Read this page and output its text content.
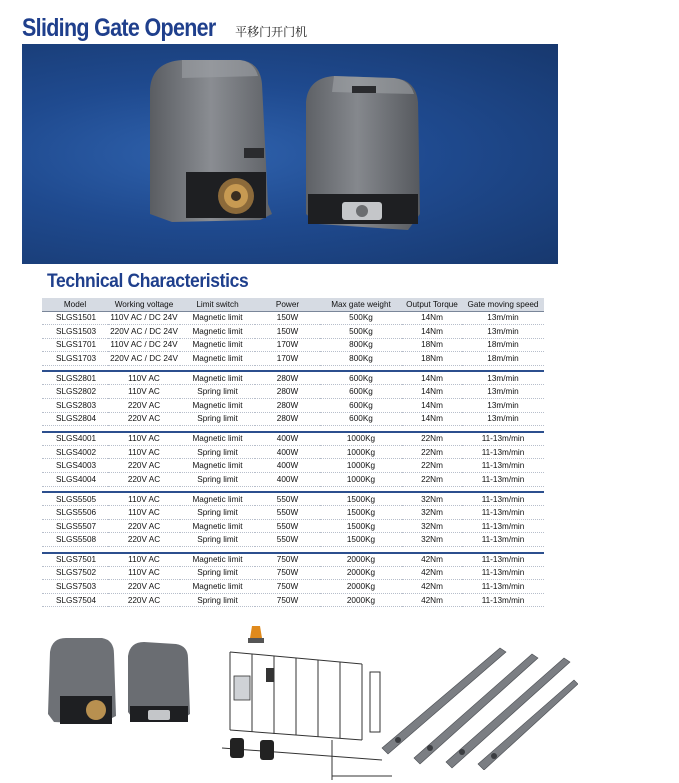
Sliding Gate Opener 平移门开门机
Technical Characteristics
Model	Working voltage	Limit switch	Power	Max gate weight	Output Torque	Gate moving speed
SLGS1501	110V AC / DC 24V	Magnetic limit	150W	500Kg	14Nm	13m/min
SLGS1503	220V AC / DC 24V	Magnetic limit	150W	500Kg	14Nm	13m/min
SLGS1701	110V AC / DC 24V	Magnetic limit	170W	800Kg	18Nm	18m/min
SLGS1703	220V AC / DC 24V	Magnetic limit	170W	800Kg	18Nm	18m/min

SLGS2801	110V AC	Magnetic limit	280W	600Kg	14Nm	13m/min
SLGS2802	110V AC	Spring limit	280W	600Kg	14Nm	13m/min
SLGS2803	220V AC	Magnetic limit	280W	600Kg	14Nm	13m/min
SLGS2804	220V AC	Spring limit	280W	600Kg	14Nm	13m/min

SLGS4001	110V AC	Magnetic limit	400W	1000Kg	22Nm	11-13m/min
SLGS4002	110V AC	Spring limit	400W	1000Kg	22Nm	11-13m/min
SLGS4003	220V AC	Magnetic limit	400W	1000Kg	22Nm	11-13m/min
SLGS4004	220V AC	Spring limit	400W	1000Kg	22Nm	11-13m/min

SLGS5505	110V AC	Magnetic limit	550W	1500Kg	32Nm	11-13m/min
SLGS5506	110V AC	Spring limit	550W	1500Kg	32Nm	11-13m/min
SLGS5507	220V AC	Magnetic limit	550W	1500Kg	32Nm	11-13m/min
SLGS5508	220V AC	Spring limit	550W	1500Kg	32Nm	11-13m/min

SLGS7501	110V AC	Magnetic limit	750W	2000Kg	42Nm	11-13m/min
SLGS7502	110V AC	Spring limit	750W	2000Kg	42Nm	11-13m/min
SLGS7503	220V AC	Magnetic limit	750W	2000Kg	42Nm	11-13m/min
SLGS7504	220V AC	Spring limit	750W	2000Kg	42Nm	11-13m/min
